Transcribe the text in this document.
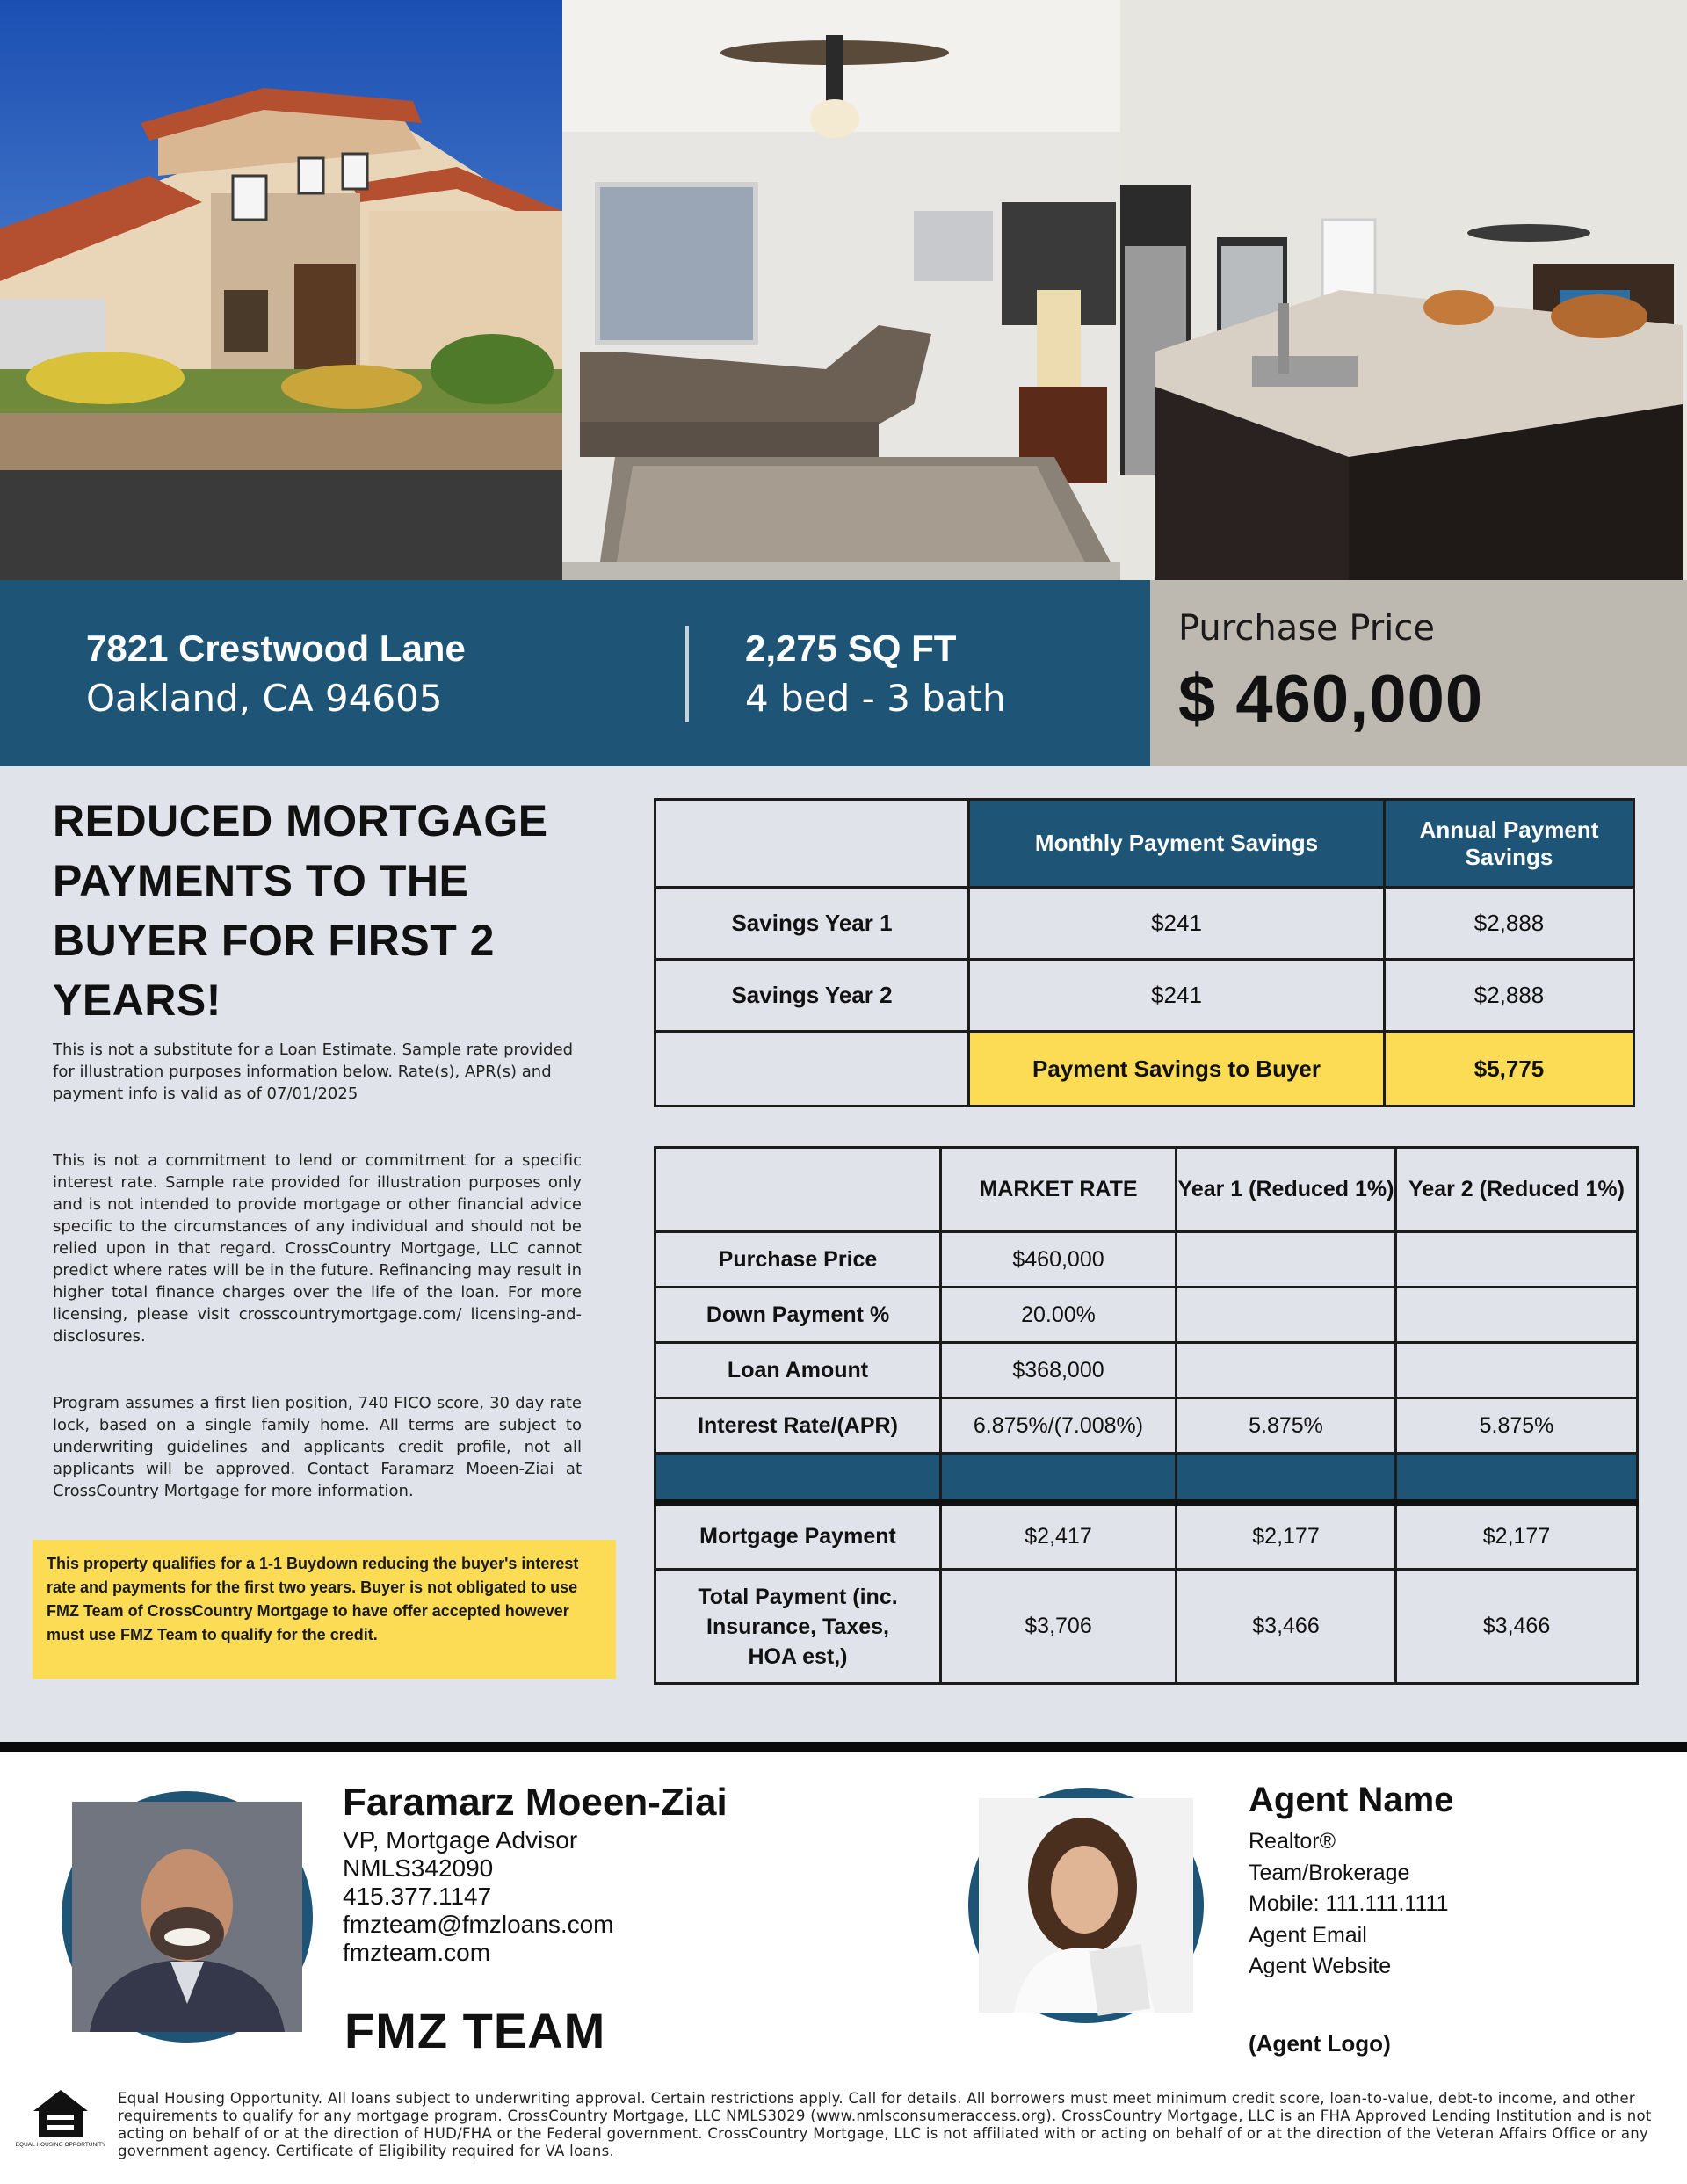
7821 Crestwood Lane
Oakland, CA 94605
2,275 SQ FT
4 bed - 3 bath
Purchase Price
$ 460,000
REDUCED MORTGAGE PAYMENTS TO THE BUYER FOR FIRST 2 YEARS!
This is not a substitute for a Loan Estimate. Sample rate provided for illustration purposes information below. Rate(s), APR(s) and payment info is valid as of 07/01/2025
This is not a commitment to lend or commitment for a specific interest rate. Sample rate provided for illustration purposes only and is not intended to provide mortgage or other financial advice specific to the circumstances of any individual and should not be relied upon in that regard. CrossCountry Mortgage, LLC cannot predict where rates will be in the future. Refinancing may result in higher total finance charges over the life of the loan. For more licensing, please visit crosscountrymortgage.com/ licensing-and-disclosures.
Program assumes a first lien position, 740 FICO score, 30 day rate lock, based on a single family home. All terms are subject to underwriting guidelines and applicants credit profile, not all applicants will be approved. Contact Faramarz Moeen-Ziai at CrossCountry Mortgage for more information.
This property qualifies for a 1-1 Buydown reducing the buyer's interest rate and payments for the first two years. Buyer is not obligated to use FMZ Team of CrossCountry Mortgage to have offer accepted however must use FMZ Team to qualify for the credit.
	Monthly Payment Savings	Annual Payment Savings
Savings Year 1	$241	$2,888
Savings Year 2	$241	$2,888
	Payment Savings to Buyer	$5,775
	MARKET RATE	Year 1 (Reduced 1%)	Year 2 (Reduced 1%)
Purchase Price	$460,000		
Down Payment %	20.00%		
Loan Amount	$368,000		
Interest Rate/(APR)	6.875%/(7.008%)	5.875%	5.875%

Mortgage Payment	$2,417	$2,177	$2,177
Total Payment (inc. Insurance, Taxes, HOA est,)	$3,706	$3,466	$3,466
Faramarz Moeen-Ziai
VP, Mortgage Advisor
NMLS342090
415.377.1147
fmzteam@fmzloans.com
fmzteam.com
FMZ TEAM
Agent Name
Realtor®
Team/Brokerage
Mobile: 111.111.1111
Agent Email
Agent Website
(Agent Logo)
EQUAL HOUSING OPPORTUNITY
Equal Housing Opportunity. All loans subject to underwriting approval. Certain restrictions apply. Call for details. All borrowers must meet minimum credit score, loan-to-value, debt-to income, and other requirements to qualify for any mortgage program. CrossCountry Mortgage, LLC NMLS3029 (www.nmlsconsumeraccess.org). CrossCountry Mortgage, LLC is an FHA Approved Lending Institution and is not acting on behalf of or at the direction of HUD/FHA or the Federal government. CrossCountry Mortgage, LLC is not affiliated with or acting on behalf of or at the direction of the Veteran Affairs Office or any government agency. Certificate of Eligibility required for VA loans.
